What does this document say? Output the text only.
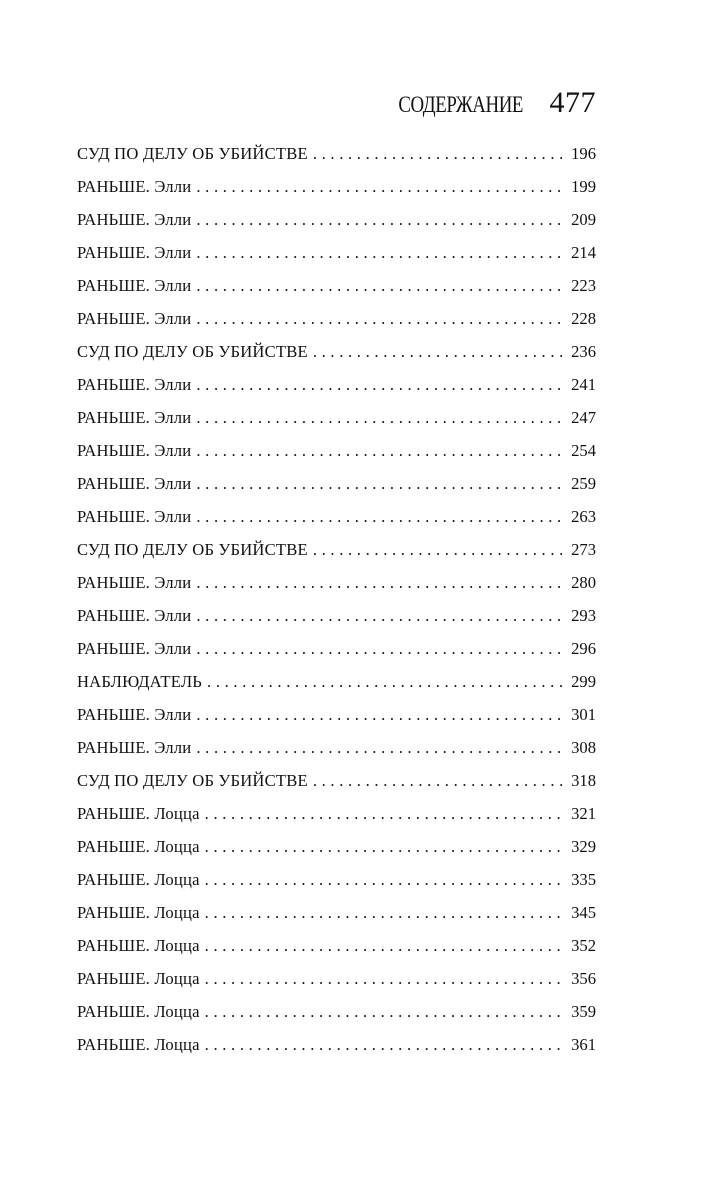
СОДЕРЖАНИЕ 477
СУД ПО ДЕЛУ ОБ УБИЙСТВЕ . . .	196
РАНЬШЕ. Элли . . .	199
РАНЬШЕ. Элли . . .	209
РАНЬШЕ. Элли . . .	214
РАНЬШЕ. Элли . . .	223
РАНЬШЕ. Элли . . .	228
СУД ПО ДЕЛУ ОБ УБИЙСТВЕ . . .	236
РАНЬШЕ. Элли . . .	241
РАНЬШЕ. Элли . . .	247
РАНЬШЕ. Элли . . .	254
РАНЬШЕ. Элли . . .	259
РАНЬШЕ. Элли . . .	263
СУД ПО ДЕЛУ ОБ УБИЙСТВЕ . . .	273
РАНЬШЕ. Элли . . .	280
РАНЬШЕ. Элли . . .	293
РАНЬШЕ. Элли . . .	296
НАБЛЮДАТЕЛЬ . . .	299
РАНЬШЕ. Элли . . .	301
РАНЬШЕ. Элли . . .	308
СУД ПО ДЕЛУ ОБ УБИЙСТВЕ . . .	318
РАНЬШЕ. Лоцца . . .	321
РАНЬШЕ. Лоцца . . .	329
РАНЬШЕ. Лоцца . . .	335
РАНЬШЕ. Лоцца . . .	345
РАНЬШЕ. Лоцца . . .	352
РАНЬШЕ. Лоцца . . .	356
РАНЬШЕ. Лоцца . . .	359
РАНЬШЕ. Лоцца . . .	361
